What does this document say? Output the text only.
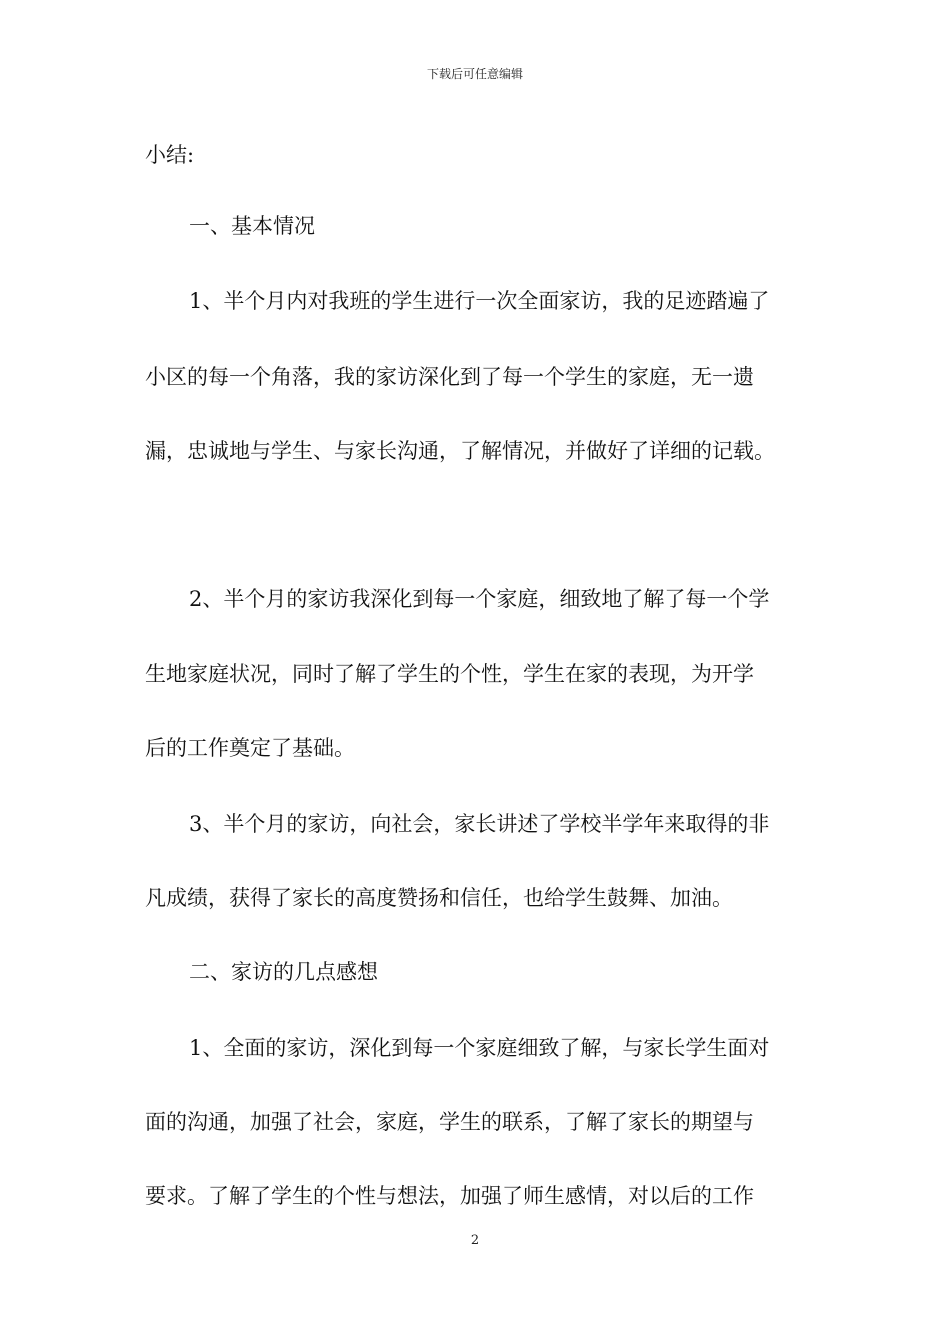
下载后可任意编辑
小结:
一、基本情况
1、半个月内对我班的学生进行一次全面家访，我的足迹踏遍了
小区的每一个角落，我的家访深化到了每一个学生的家庭，无一遗
漏，忠诚地与学生、与家长沟通，了解情况，并做好了详细的记载。
2、半个月的家访我深化到每一个家庭，细致地了解了每一个学
生地家庭状况，同时了解了学生的个性，学生在家的表现，为开学
后的工作奠定了基础。
3、半个月的家访，向社会，家长讲述了学校半学年来取得的非
凡成绩，获得了家长的高度赞扬和信任，也给学生鼓舞、加油。
二、家访的几点感想
1、全面的家访，深化到每一个家庭细致了解，与家长学生面对
面的沟通，加强了社会，家庭，学生的联系，了解了家长的期望与
要求。了解了学生的个性与想法，加强了师生感情，对以后的工作
2
